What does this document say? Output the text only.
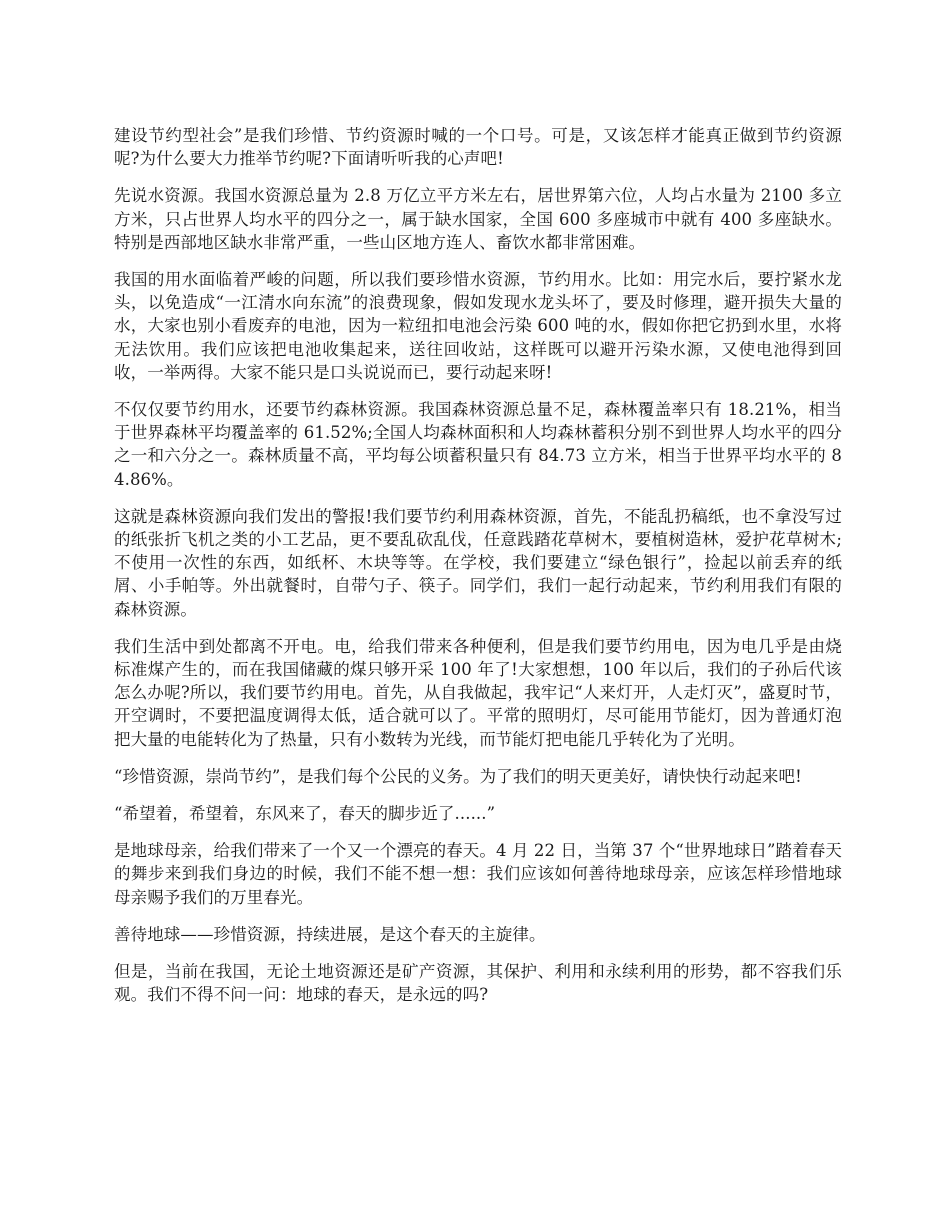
建设节约型社会”是我们珍惜、节约资源时喊的一个口号。可是，又该怎样才能真正做到节约资源呢?为什么要大力推举节约呢?下面请听听我的心声吧!

先说水资源。我国水资源总量为 2.8 万亿立平方米左右，居世界第六位，人均占水量为 2100 多立方米，只占世界人均水平的四分之一，属于缺水国家，全国 600 多座城市中就有 400 多座缺水。特别是西部地区缺水非常严重，一些山区地方连人、畜饮水都非常困难。

我国的用水面临着严峻的问题，所以我们要珍惜水资源，节约用水。比如：用完水后，要拧紧水龙头，以免造成“一江清水向东流”的浪费现象，假如发现水龙头坏了，要及时修理，避开损失大量的水，大家也别小看废弃的电池，因为一粒纽扣电池会污染 600 吨的水，假如你把它扔到水里，水将无法饮用。我们应该把电池收集起来，送往回收站，这样既可以避开污染水源，又使电池得到回收，一举两得。大家不能只是口头说说而已，要行动起来呀!

不仅仅要节约用水，还要节约森林资源。我国森林资源总量不足，森林覆盖率只有 18.21%，相当于世界森林平均覆盖率的 61.52%;全国人均森林面积和人均森林蓄积分别不到世界人均水平的四分之一和六分之一。森林质量不高，平均每公顷蓄积量只有 84.73 立方米，相当于世界平均水平的 84.86%。

这就是森林资源向我们发出的警报!我们要节约利用森林资源，首先，不能乱扔稿纸，也不拿没写过的纸张折飞机之类的小工艺品，更不要乱砍乱伐，任意践踏花草树木，要植树造林，爱护花草树木;不使用一次性的东西，如纸杯、木块等等。在学校，我们要建立“绿色银行”，捡起以前丢弃的纸屑、小手帕等。外出就餐时，自带勺子、筷子。同学们，我们一起行动起来，节约利用我们有限的森林资源。

我们生活中到处都离不开电。电，给我们带来各种便利，但是我们要节约用电，因为电几乎是由烧标准煤产生的，而在我国储藏的煤只够开采 100 年了!大家想想，100 年以后，我们的子孙后代该怎么办呢?所以，我们要节约用电。首先，从自我做起，我牢记“人来灯开，人走灯灭”，盛夏时节，开空调时，不要把温度调得太低，适合就可以了。平常的照明灯，尽可能用节能灯，因为普通灯泡把大量的电能转化为了热量，只有小数转为光线，而节能灯把电能几乎转化为了光明。

“珍惜资源，崇尚节约”，是我们每个公民的义务。为了我们的明天更美好，请快快行动起来吧!

“希望着，希望着，东风来了，春天的脚步近了......”

是地球母亲，给我们带来了一个又一个漂亮的春天。4 月 22 日，当第 37 个“世界地球日”踏着春天的舞步来到我们身边的时候，我们不能不想一想：我们应该如何善待地球母亲，应该怎样珍惜地球母亲赐予我们的万里春光。

善待地球——珍惜资源，持续进展，是这个春天的主旋律。

但是，当前在我国，无论土地资源还是矿产资源，其保护、利用和永续利用的形势，都不容我们乐观。我们不得不问一问：地球的春天，是永远的吗?
